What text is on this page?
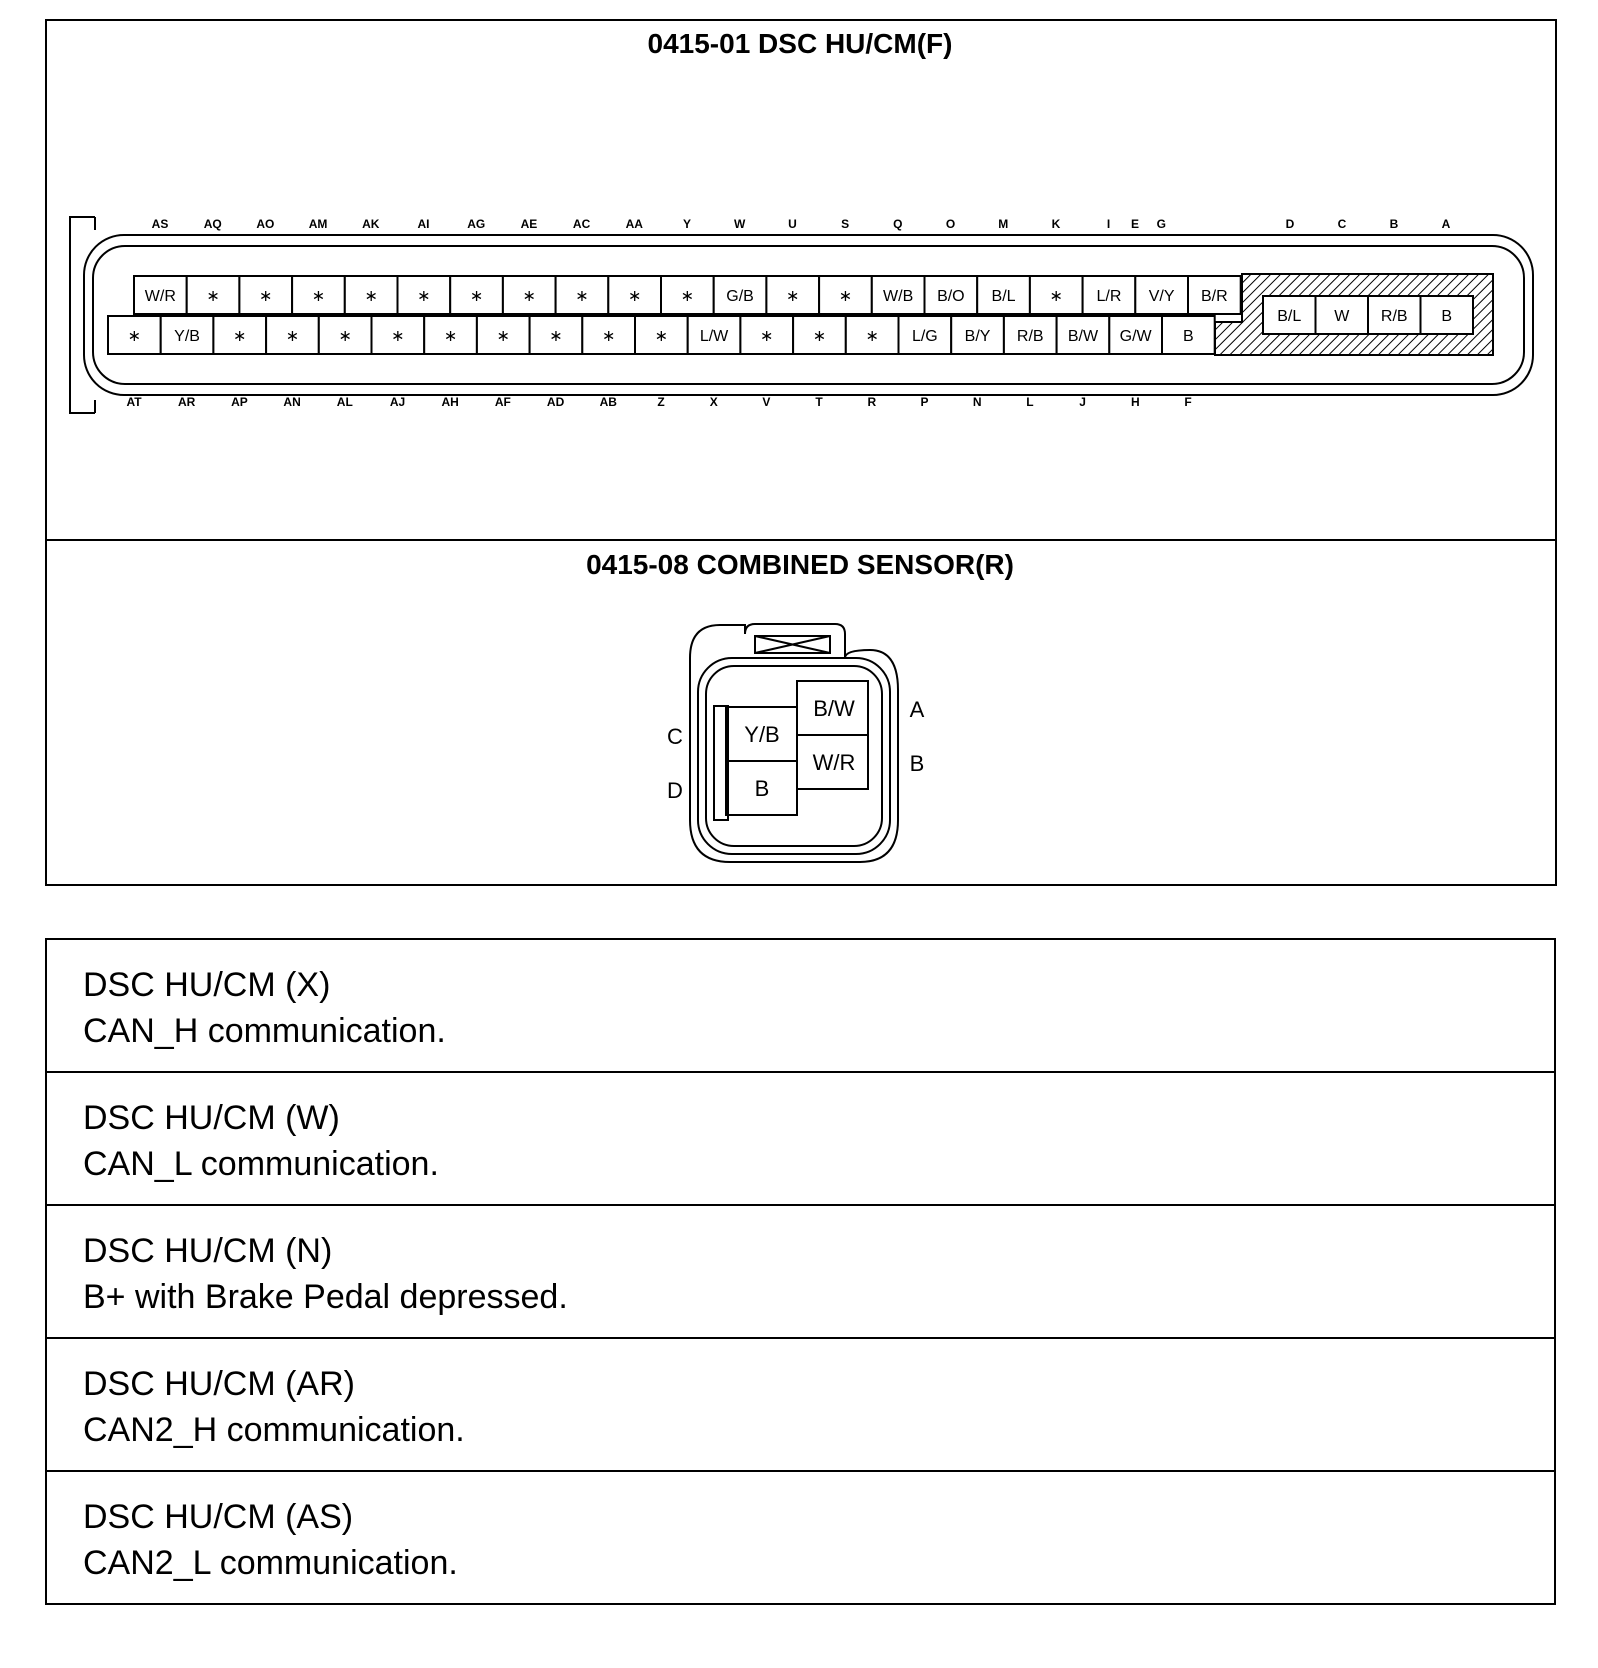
0415-01 DSC HU/CM(F)
0415-08 COMBINED SENSOR(R)
AS	AQ	AO	AM	AK	AI	AG	AE	AC	AA	Y	W	U	S	Q	O	M	K	I	G
E	D	C	B	A
AT	AR	AP	AN	AL	AJ	AH	AF	AD	AB	Z	X	V	T	R	P	N	L	J	H	F
W/R ∗ ∗ ∗ ∗ ∗ ∗ ∗ ∗ ∗ ∗ G/B ∗ ∗ W/B B/O B/L ∗ L/R V/Y B/R
∗ Y/B ∗ ∗ ∗ ∗ ∗ ∗ ∗ ∗ ∗ L/W ∗ ∗ ∗ L/G B/Y R/B B/W G/W B
B/L W R/B B
B/W
W/R
Y/B
B
A
B
C
D
DSC HU/CM (X)
CAN_H communication.
DSC HU/CM (W)
CAN_L communication.
DSC HU/CM (N)
B+ with Brake Pedal depressed.
DSC HU/CM (AR)
CAN2_H communication.
DSC HU/CM (AS)
CAN2_L communication.
